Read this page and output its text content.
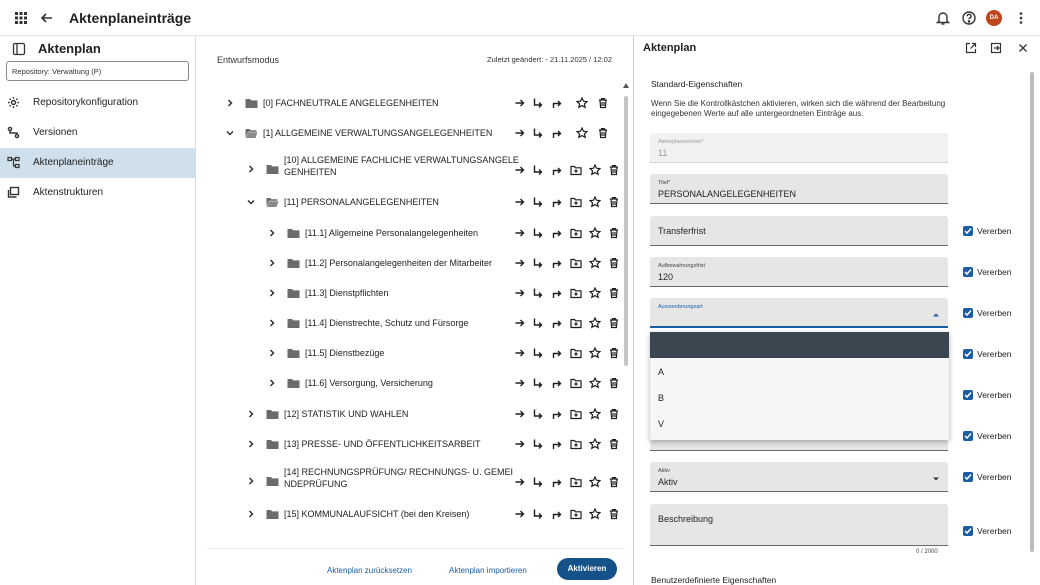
Aktenplaneinträge	DA
Aktenplan
Repository: Verwaltung (P)
Repositorykonfiguration
Versionen
Aktenplaneinträge
Aktenstrukturen
Entwurfsmodus	Zuletzt geändert: - 21.11.2025 / 12:02
[0] FACHNEUTRALE ANGELEGENHEITEN
[1] ALLGEMEINE VERWALTUNGSANGELEGENHEITEN
[10] ALLGEMEINE FACHLICHE VERWALTUNGSANGELE
GENHEITEN
[11] PERSONALANGELEGENHEITEN
[11.1] Allgemeine Personalangelegenheiten
[11.2] Personalangelegenheiten der Mitarbeiter
[11.3] Dienstpflichten
[11.4] Dienstrechte, Schutz und Fürsorge
[11.5] Dienstbezüge
[11.6] Versorgung, Versicherung
[12] STATISTIK UND WAHLEN
[13] PRESSE- UND ÖFFENTLICHKEITSARBEIT
[14] RECHNUNGSPRÜFUNG/ RECHNUNGS- U. GEMEI
NDEPRÜFUNG
[15] KOMMUNALAUFSICHT (bei den Kreisen)
Aktenplan zurücksetzen	Aktenplan importieren	Aktivieren
Aktenplan
Standard-Eigenschaften
Wenn Sie die Kontrollkästchen aktivieren, wirken sich die während der Bearbeitung eingegebenen Werte auf alle untergeordneten Einträge aus.
Aktenplanzeichen*
11
Titel*
PERSONALANGELEGENHEITEN
Transferfrist	Vererben
Aufbewahrungsfrist
120	Vererben
Aussonderungsart
Vererben
Vererben
Vererben
Vererben
Aktiv
Aktiv	Vererben
Beschreibung
Vererben
0 / 2000
Benutzerdefinierte Eigenschaften
A
B
V
